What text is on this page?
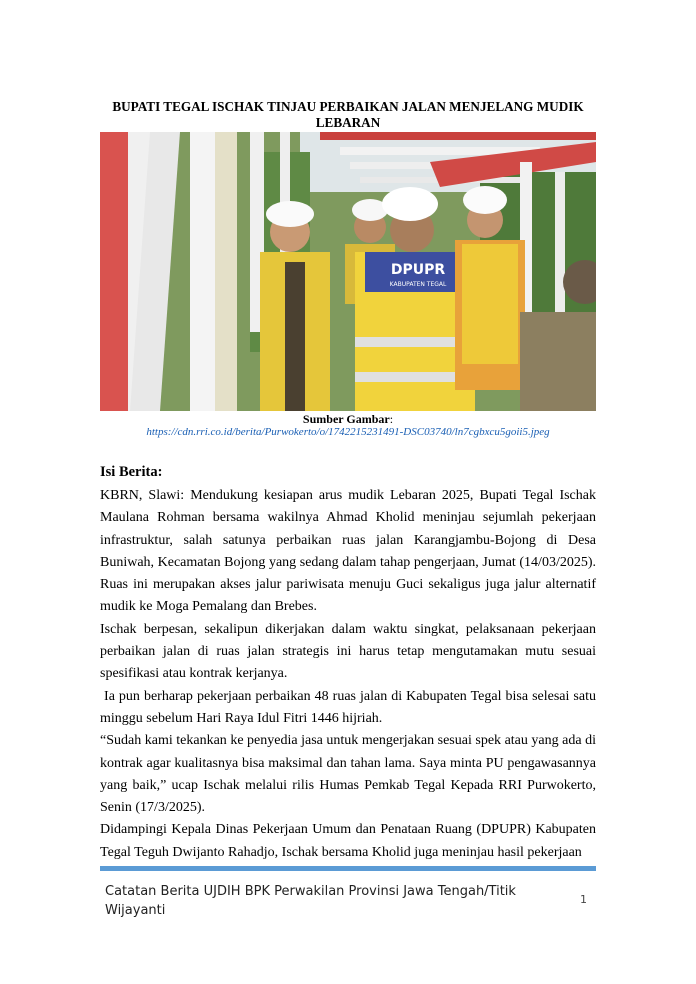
BUPATI TEGAL ISCHAK TINJAU PERBAIKAN JALAN MENJELANG MUDIK LEBARAN
DPUPR
KABUPATEN TEGAL
Sumber Gambar:
https://cdn.rri.co.id/berita/Purwokerto/o/1742215231491-DSC03740/ln7cgbxcu5goii5.jpeg
Isi Berita:

KBRN, Slawi: Mendukung kesiapan arus mudik Lebaran 2025, Bupati Tegal Ischak Maulana Rohman bersama wakilnya Ahmad Kholid meninjau sejumlah pekerjaan infrastruktur, salah satunya perbaikan ruas jalan Karangjambu-Bojong di Desa Buniwah, Kecamatan Bojong yang sedang dalam tahap pengerjaan, Jumat (14/03/2025). Ruas ini merupakan akses jalur pariwisata menuju Guci sekaligus juga jalur alternatif mudik ke Moga Pemalang dan Brebes.

Ischak berpesan, sekalipun dikerjakan dalam waktu singkat, pelaksanaan pekerjaan perbaikan jalan di ruas jalan strategis ini harus tetap mengutamakan mutu sesuai spesifikasi atau kontrak kerjanya.

Ia pun berharap pekerjaan perbaikan 48 ruas jalan di Kabupaten Tegal bisa selesai satu minggu sebelum Hari Raya Idul Fitri 1446 hijriah.

“Sudah kami tekankan ke penyedia jasa untuk mengerjakan sesuai spek atau yang ada di kontrak agar kualitasnya bisa maksimal dan tahan lama. Saya minta PU pengawasannya yang baik,” ucap Ischak melalui rilis Humas Pemkab Tegal Kepada RRI Purwokerto, Senin (17/3/2025).

Didampingi Kepala Dinas Pekerjaan Umum dan Penataan Ruang (DPUPR) Kabupaten Tegal Teguh Dwijanto Rahadjo, Ischak bersama Kholid juga meninjau hasil pekerjaan

Catatan Berita UJDIH BPK Perwakilan Provinsi Jawa Tengah/Titik Wijayanti
1
